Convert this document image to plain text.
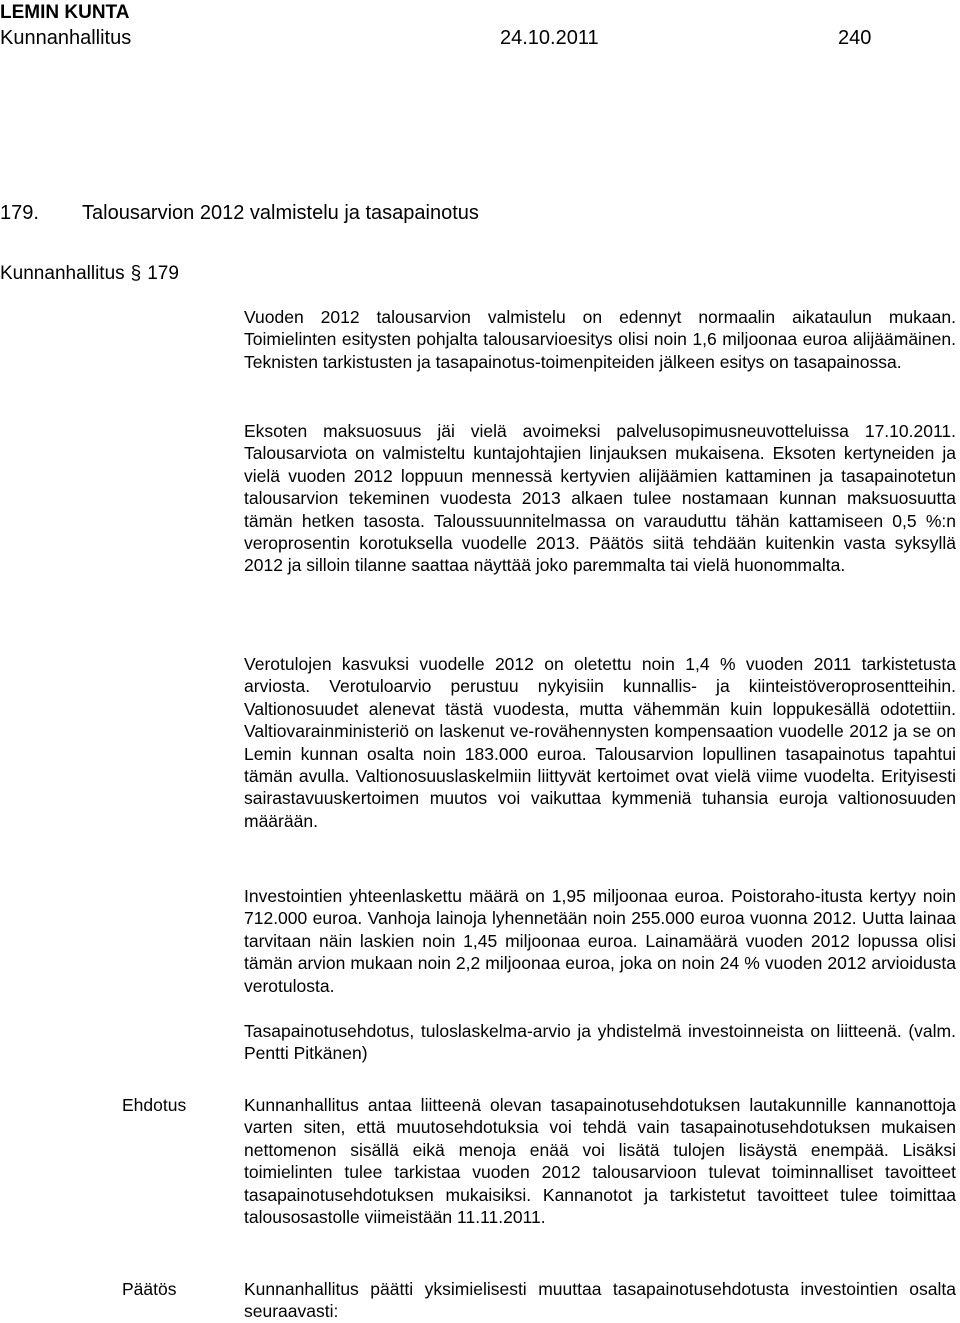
LEMIN KUNTA
Kunnanhallitus	24.10.2011	240
179. Talousarvion 2012 valmistelu ja tasapainotus
Kunnanhallitus § 179

Vuoden 2012 talousarvion valmistelu on edennyt normaalin aikataulun mukaan. Toimielinten esitysten pohjalta talousarvioesitys olisi noin 1,6 miljoonaa euroa alijäämäinen. Teknisten tarkistusten ja tasapainotus-toimenpiteiden jälkeen esitys on tasapainossa.

Eksoten maksuosuus jäi vielä avoimeksi palvelusopimusneuvotteluissa 17.10.2011. Talousarviota on valmisteltu kuntajohtajien linjauksen mukaisena. Eksoten kertyneiden ja vielä vuoden 2012 loppuun mennessä kertyvien alijäämien kattaminen ja tasapainotetun talousarvion tekeminen vuodesta 2013 alkaen tulee nostamaan kunnan maksuosuutta tämän hetken tasosta. Taloussuunnitelmassa on varauduttu tähän kattamiseen 0,5 %:n veroprosentin korotuksella vuodelle 2013. Päätös siitä tehdään kuitenkin vasta syksyllä 2012 ja silloin tilanne saattaa näyttää joko paremmalta tai vielä huonommalta.

Verotulojen kasvuksi vuodelle 2012 on oletettu noin 1,4 % vuoden 2011 tarkistetusta arviosta. Verotuloarvio perustuu nykyisiin kunnallis- ja kiinteistöveroprosentteihin. Valtionosuudet alenevat tästä vuodesta, mutta vähemmän kuin loppukesällä odotettiin. Valtiovarainministeriö on laskenut ve-rovähennysten kompensaation vuodelle 2012 ja se on Lemin kunnan osalta noin 183.000 euroa. Talousarvion lopullinen tasapainotus tapahtui tämän avulla. Valtionosuuslaskelmiin liittyvät kertoimet ovat vielä viime vuodelta. Erityisesti sairastavuuskertoimen muutos voi vaikuttaa kymmeniä tuhansia euroja valtionosuuden määrään.

Investointien yhteenlaskettu määrä on 1,95 miljoonaa euroa. Poistoraho-itusta kertyy noin 712.000 euroa. Vanhoja lainoja lyhennetään noin 255.000 euroa vuonna 2012. Uutta lainaa tarvitaan näin laskien noin 1,45 miljoonaa euroa. Lainamäärä vuoden 2012 lopussa olisi tämän arvion mukaan noin 2,2 miljoonaa euroa, joka on noin 24 % vuoden 2012 arvioidusta verotulosta.

Tasapainotusehdotus, tuloslaskelma-arvio ja yhdistelmä investoinneista on liitteenä. (valm. Pentti Pitkänen)

Ehdotus	Kunnanhallitus antaa liitteenä olevan tasapainotusehdotuksen lautakunnille kannanottoja varten siten, että muutosehdotuksia voi tehdä vain tasapainotusehdotuksen mukaisen nettomenon sisällä eikä menoja enää voi lisätä tulojen lisäystä enempää. Lisäksi toimielinten tulee tarkistaa vuoden 2012 talousarvioon tulevat toiminnalliset tavoitteet tasapainotusehdotuksen mukaisiksi. Kannanotot ja tarkistetut tavoitteet tulee toimittaa talousosastolle viimeistään 11.11.2011.

Päätös	Kunnanhallitus päätti yksimielisesti muuttaa tasapainotusehdotusta investointien osalta seuraavasti:
